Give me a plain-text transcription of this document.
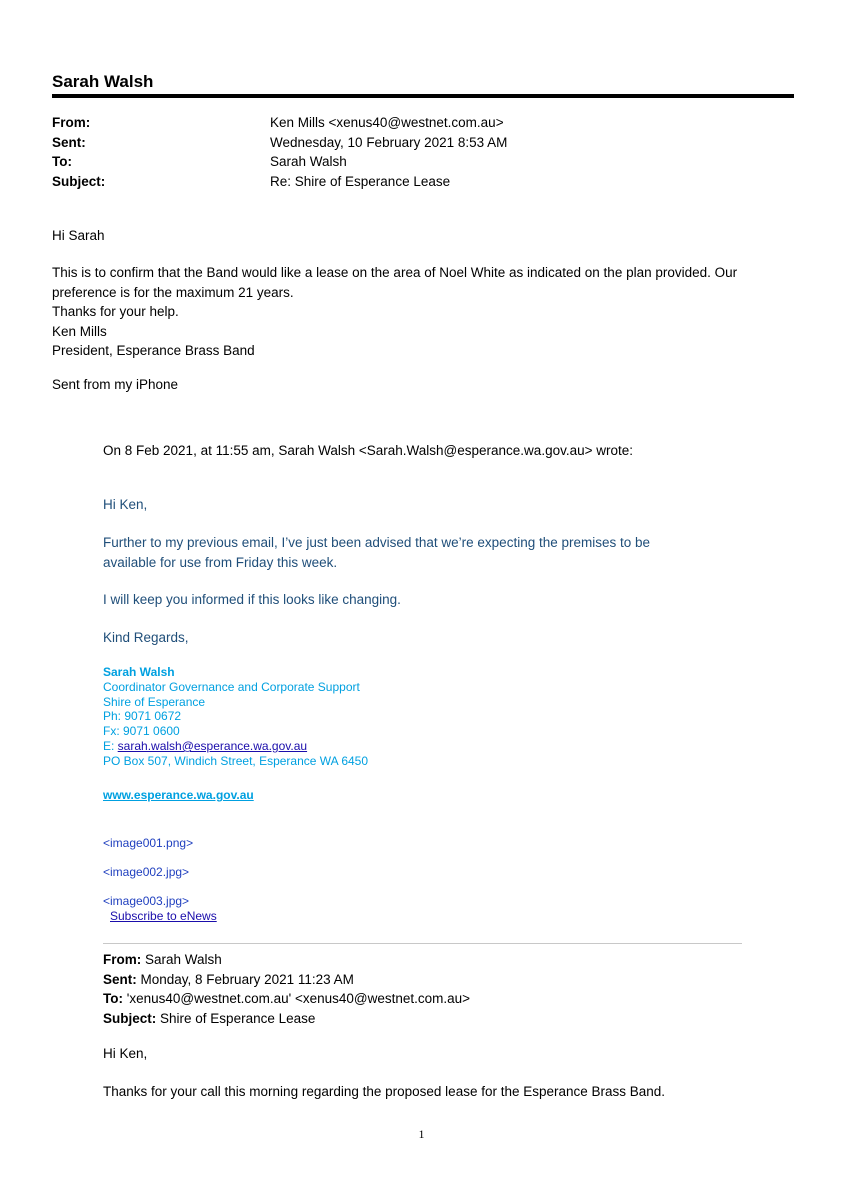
Sarah Walsh
From:	Ken Mills <xenus40@westnet.com.au>
Sent:	Wednesday, 10 February 2021 8:53 AM
To:	Sarah Walsh
Subject:	Re: Shire of Esperance Lease
Hi Sarah
This is to confirm that the Band would like a lease on the area of Noel White as indicated on the plan provided. Our
preference is for the maximum 21 years.
Thanks for your help.
Ken Mills
President, Esperance Brass Band
Sent from my iPhone
On 8 Feb 2021, at 11:55 am, Sarah Walsh <Sarah.Walsh@esperance.wa.gov.au> wrote:
Hi Ken,
Further to my previous email, I’ve just been advised that we’re expecting the premises to be
available for use from Friday this week.
I will keep you informed if this looks like changing.
Kind Regards,
Sarah Walsh
Coordinator Governance and Corporate Support
Shire of Esperance
Ph: 9071 0672
Fx: 9071 0600
E: sarah.walsh@esperance.wa.gov.au
PO Box 507, Windich Street, Esperance WA 6450
www.esperance.wa.gov.au
<image001.png>
<image002.jpg>
<image003.jpg>
Subscribe to eNews
From: Sarah Walsh
Sent: Monday, 8 February 2021 11:23 AM
To: 'xenus40@westnet.com.au' <xenus40@westnet.com.au>
Subject: Shire of Esperance Lease
Hi Ken,
Thanks for your call this morning regarding the proposed lease for the Esperance Brass Band.
1
